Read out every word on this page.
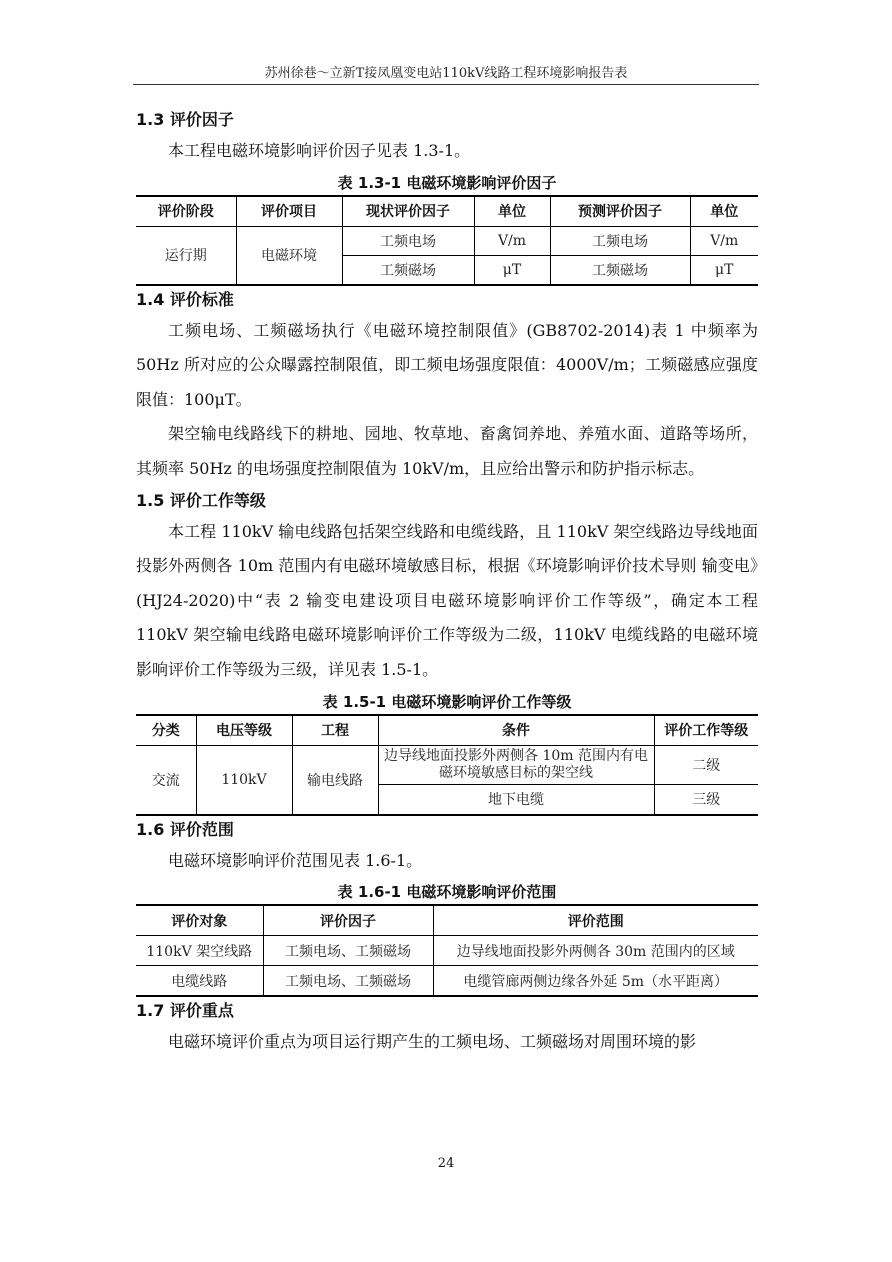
苏州徐巷～立新T接凤凰变电站110kV线路工程环境影响报告表
1.3 评价因子

本工程电磁环境影响评价因子见表 1.3-1。

表 1.3-1 电磁环境影响评价因子
评价阶段	评价项目	现状评价因子	单位	预测评价因子	单位
运行期	电磁环境	工频电场	V/m	工频电场	V/m
		工频磁场	μT	工频磁场	μT
1.4 评价标准

工频电场、工频磁场执行《电磁环境控制限值》(GB8702-2014)表 1 中频率为 50Hz 所对应的公众曝露控制限值，即工频电场强度限值：4000V/m；工频磁感应强度限值：100μT。

架空输电线路线下的耕地、园地、牧草地、畜禽饲养地、养殖水面、道路等场所，其频率 50Hz 的电场强度控制限值为 10kV/m，且应给出警示和防护指示标志。

1.5 评价工作等级

本工程 110kV 输电线路包括架空线路和电缆线路，且 110kV 架空线路边导线地面投影外两侧各 10m 范围内有电磁环境敏感目标，根据《环境影响评价技术导则 输变电》(HJ24-2020)中“表 2 输变电建设项目电磁环境影响评价工作等级”，确定本工程 110kV 架空输电线路电磁环境影响评价工作等级为二级，110kV 电缆线路的电磁环境影响评价工作等级为三级，详见表 1.5-1。

表 1.5-1 电磁环境影响评价工作等级
分类	电压等级	工程	条件	评价工作等级
交流	110kV	输电线路	边导线地面投影外两侧各 10m 范围内有电磁环境敏感目标的架空线	二级
			地下电缆	三级
1.6 评价范围

电磁环境影响评价范围见表 1.6-1。

表 1.6-1 电磁环境影响评价范围
评价对象	评价因子	评价范围
110kV 架空线路	工频电场、工频磁场	边导线地面投影外两侧各 30m 范围内的区域
电缆线路	工频电场、工频磁场	电缆管廊两侧边缘各外延 5m（水平距离）
1.7 评价重点

电磁环境评价重点为项目运行期产生的工频电场、工频磁场对周围环境的影

24
